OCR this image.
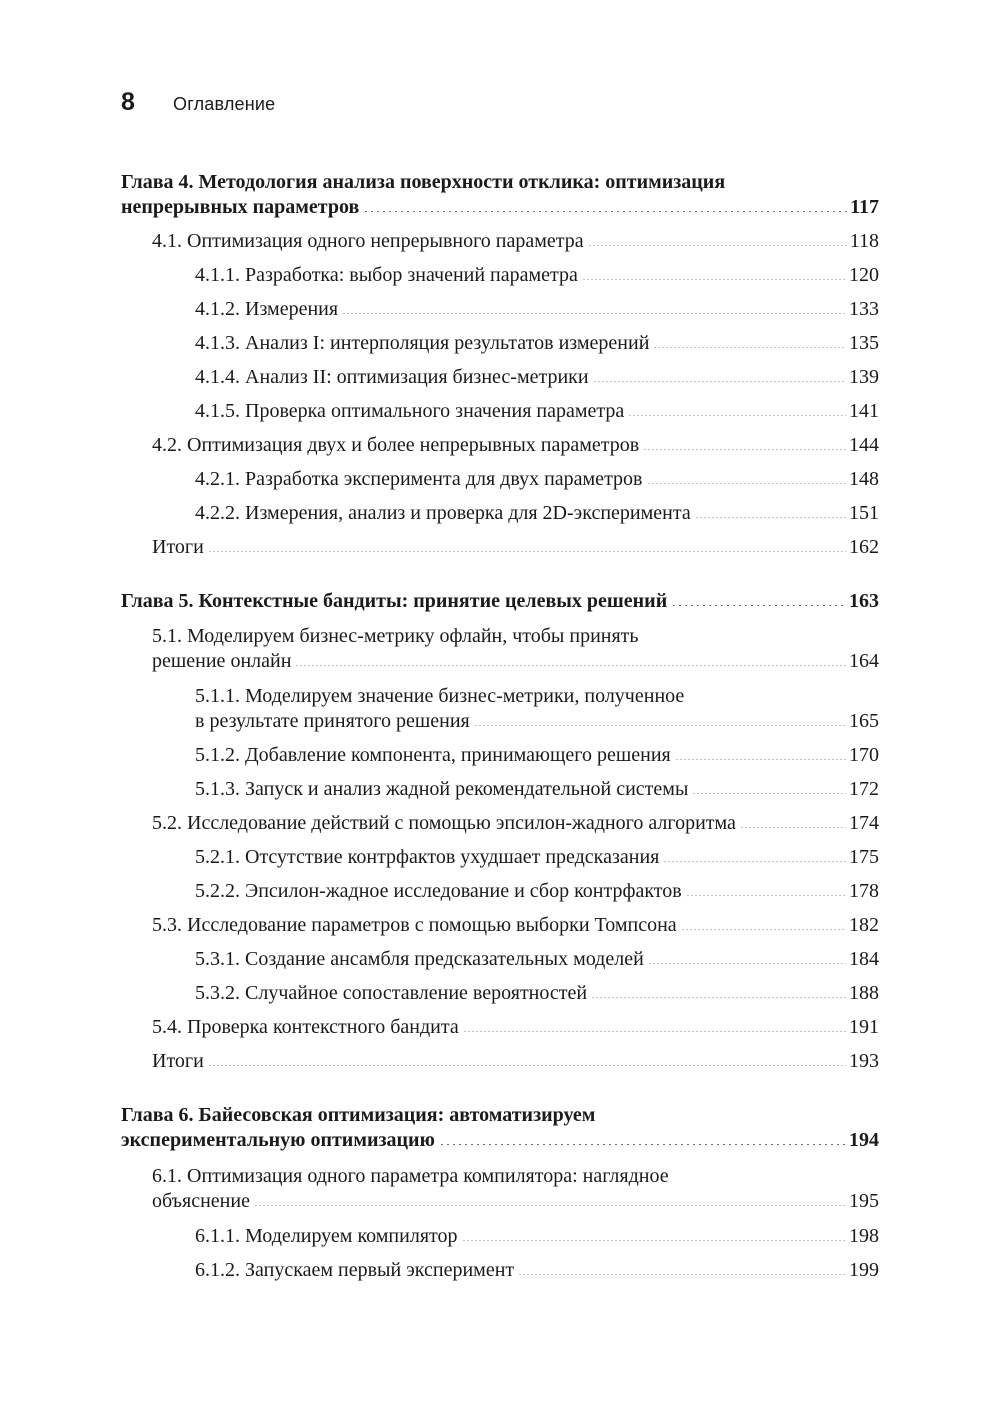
8	Оглавление
Глава 4. Методология анализа поверхности отклика: оптимизация
непрерывных параметров	117
4.1. Оптимизация одного непрерывного параметра	118
4.1.1. Разработка: выбор значений параметра	120
4.1.2. Измерения	133
4.1.3. Анализ I: интерполяция результатов измерений	135
4.1.4. Анализ II: оптимизация бизнес-метрики	139
4.1.5. Проверка оптимального значения параметра	141
4.2. Оптимизация двух и более непрерывных параметров	144
4.2.1. Разработка эксперимента для двух параметров	148
4.2.2. Измерения, анализ и проверка для 2D-эксперимента	151
Итоги	162
Глава 5. Контекстные бандиты: принятие целевых решений	163
5.1. Моделируем бизнес-метрику офлайн, чтобы принять
решение онлайн	164
5.1.1. Моделируем значение бизнес-метрики, полученное
в результате принятого решения	165
5.1.2. Добавление компонента, принимающего решения	170
5.1.3. Запуск и анализ жадной рекомендательной системы	172
5.2. Исследование действий с помощью эпсилон-жадного алгоритма	174
5.2.1. Отсутствие контрфактов ухудшает предсказания	175
5.2.2. Эпсилон-жадное исследование и сбор контрфактов	178
5.3. Исследование параметров с помощью выборки Томпсона	182
5.3.1. Создание ансамбля предсказательных моделей	184
5.3.2. Случайное сопоставление вероятностей	188
5.4. Проверка контекстного бандита	191
Итоги	193
Глава 6. Байесовская оптимизация: автоматизируем
экспериментальную оптимизацию	194
6.1. Оптимизация одного параметра компилятора: наглядное
объяснение	195
6.1.1. Моделируем компилятор	198
6.1.2. Запускаем первый эксперимент	199
